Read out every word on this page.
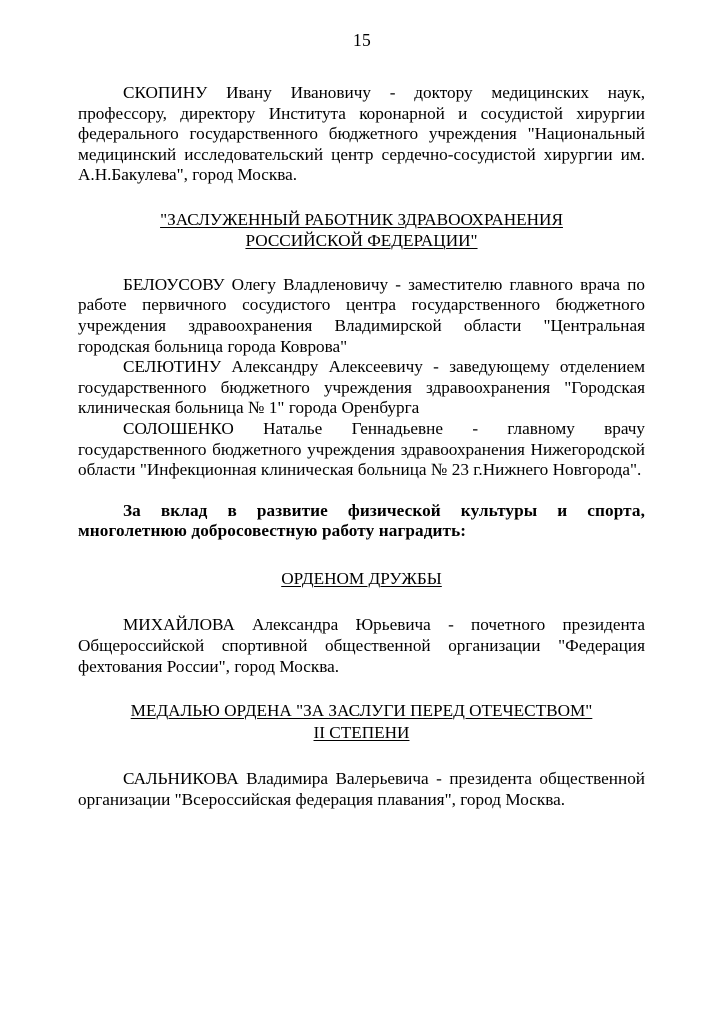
15

СКОПИНУ Ивану Ивановичу - доктору медицинских наук, профессору, директору Института коронарной и сосудистой хирургии федерального государственного бюджетного учреждения "Национальный медицинский исследовательский центр сердечно-сосудистой хирургии им. А.Н.Бакулева", город Москва.

"ЗАСЛУЖЕННЫЙ РАБОТНИК ЗДРАВООХРАНЕНИЯ
РОССИЙСКОЙ ФЕДЕРАЦИИ"

БЕЛОУСОВУ Олегу Владленовичу - заместителю главного врача по работе первичного сосудистого центра государственного бюджетного учреждения здравоохранения Владимирской области "Центральная городская больница города Коврова"

СЕЛЮТИНУ Александру Алексеевичу - заведующему отделением государственного бюджетного учреждения здравоохранения "Городская клиническая больница № 1" города Оренбурга

СОЛОШЕНКО Наталье Геннадьевне - главному врачу государственного бюджетного учреждения здравоохранения Нижегородской области "Инфекционная клиническая больница № 23 г.Нижнего Новгорода".

За вклад в развитие физической культуры и спорта, многолетнюю добросовестную работу наградить:

ОРДЕНОМ ДРУЖБЫ

МИХАЙЛОВА Александра Юрьевича - почетного президента Общероссийской спортивной общественной организации "Федерация фехтования России", город Москва.

МЕДАЛЬЮ ОРДЕНА "ЗА ЗАСЛУГИ ПЕРЕД ОТЕЧЕСТВОМ"
II СТЕПЕНИ

САЛЬНИКОВА Владимира Валерьевича - президента общественной организации "Всероссийская федерация плавания", город Москва.
